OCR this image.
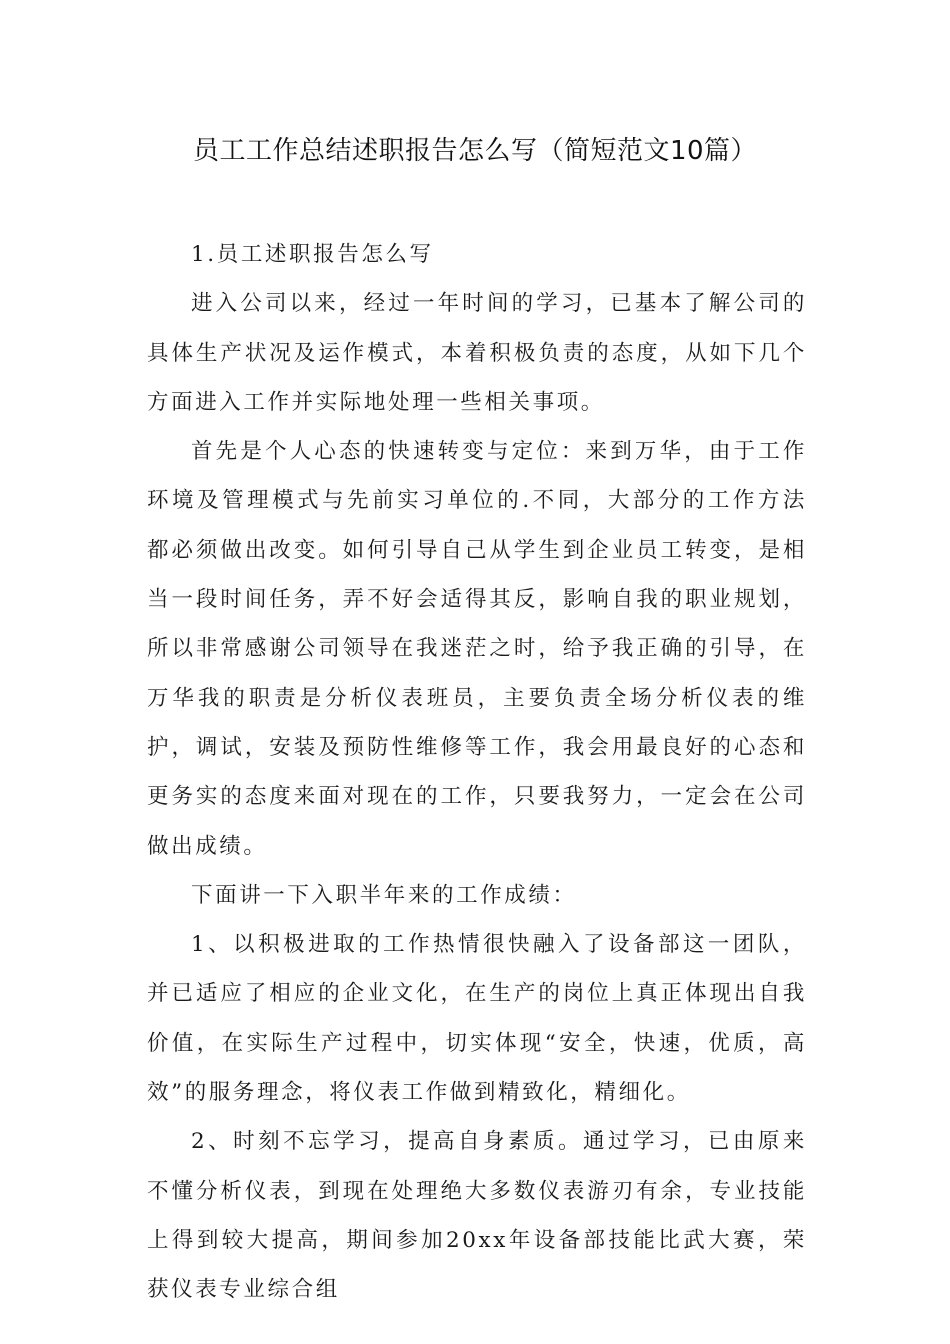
员工工作总结述职报告怎么写（简短范文10篇）

1.员工述职报告怎么写

进入公司以来，经过一年时间的学习，已基本了解公司的具体生产状况及运作模式，本着积极负责的态度，从如下几个方面进入工作并实际地处理一些相关事项。

首先是个人心态的快速转变与定位：来到万华，由于工作环境及管理模式与先前实习单位的.不同，大部分的工作方法都必须做出改变。如何引导自己从学生到企业员工转变，是相当一段时间任务，弄不好会适得其反，影响自我的职业规划，所以非常感谢公司领导在我迷茫之时，给予我正确的引导，在万华我的职责是分析仪表班员，主要负责全场分析仪表的维护，调试，安装及预防性维修等工作，我会用最良好的心态和更务实的态度来面对现在的工作，只要我努力，一定会在公司做出成绩。

下面讲一下入职半年来的工作成绩：

1、以积极进取的工作热情很快融入了设备部这一团队，并已适应了相应的企业文化，在生产的岗位上真正体现出自我价值，在实际生产过程中，切实体现“安全，快速，优质，高效”的服务理念，将仪表工作做到精致化，精细化。

2、时刻不忘学习，提高自身素质。通过学习，已由原来不懂分析仪表，到现在处理绝大多数仪表游刃有余，专业技能上得到较大提高，期间参加20xx年设备部技能比武大赛，荣获仪表专业综合组
